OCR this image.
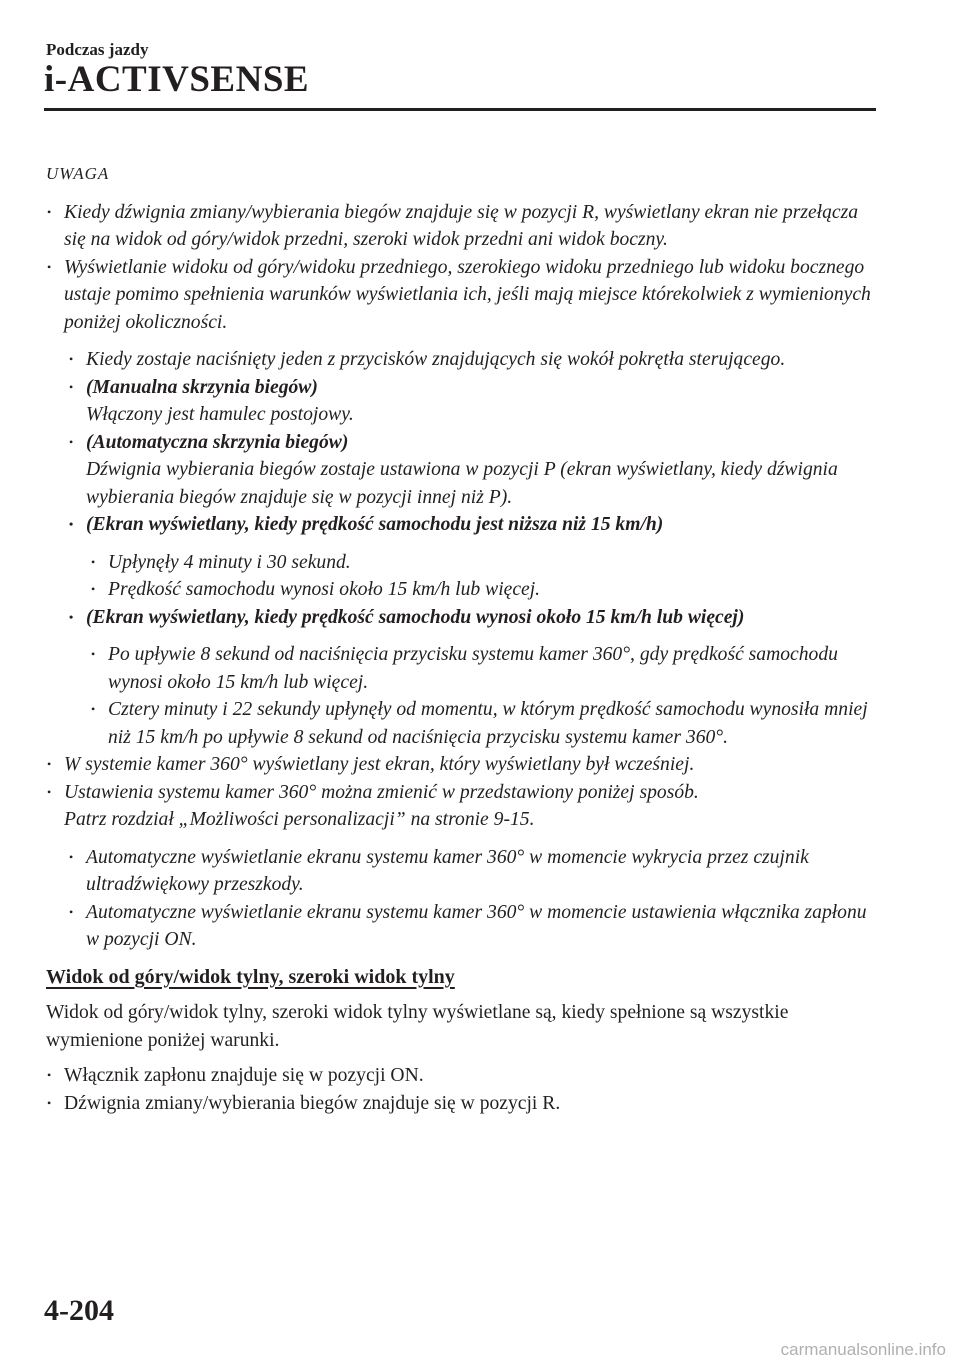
Podczas jazdy
i-ACTIVSENSE
UWAGA
• Kiedy dźwignia zmiany/wybierania biegów znajduje się w pozycji R, wyświetlany ekran nie przełącza się na widok od góry/widok przedni, szeroki widok przedni ani widok boczny.
• Wyświetlanie widoku od góry/widoku przedniego, szerokiego widoku przedniego lub widoku bocznego ustaje pomimo spełnienia warunków wyświetlania ich, jeśli mają miejsce którekolwiek z wymienionych poniżej okoliczności.
• Kiedy zostaje naciśnięty jeden z przycisków znajdujących się wokół pokrętła sterującego.
• (Manualna skrzynia biegów)
Włączony jest hamulec postojowy.
• (Automatyczna skrzynia biegów)
Dźwignia wybierania biegów zostaje ustawiona w pozycji P (ekran wyświetlany, kiedy dźwignia wybierania biegów znajduje się w pozycji innej niż P).
• (Ekran wyświetlany, kiedy prędkość samochodu jest niższa niż 15 km/h)
• Upłynęły 4 minuty i 30 sekund.
• Prędkość samochodu wynosi około 15 km/h lub więcej.
• (Ekran wyświetlany, kiedy prędkość samochodu wynosi około 15 km/h lub więcej)
• Po upływie 8 sekund od naciśnięcia przycisku systemu kamer 360°, gdy prędkość samochodu wynosi około 15 km/h lub więcej.
• Cztery minuty i 22 sekundy upłynęły od momentu, w którym prędkość samochodu wynosiła mniej niż 15 km/h po upływie 8 sekund od naciśnięcia przycisku systemu kamer 360°.
• W systemie kamer 360° wyświetlany jest ekran, który wyświetlany był wcześniej.
• Ustawienia systemu kamer 360° można zmienić w przedstawiony poniżej sposób.
Patrz rozdział „Możliwości personalizacji” na stronie 9-15.
• Automatyczne wyświetlanie ekranu systemu kamer 360° w momencie wykrycia przez czujnik ultradźwiękowy przeszkody.
• Automatyczne wyświetlanie ekranu systemu kamer 360° w momencie ustawienia włącznika zapłonu w pozycji ON.
Widok od góry/widok tylny, szeroki widok tylny
Widok od góry/widok tylny, szeroki widok tylny wyświetlane są, kiedy spełnione są wszystkie wymienione poniżej warunki.
• Włącznik zapłonu znajduje się w pozycji ON.
• Dźwignia zmiany/wybierania biegów znajduje się w pozycji R.
4-204
carmanualsonline.info
